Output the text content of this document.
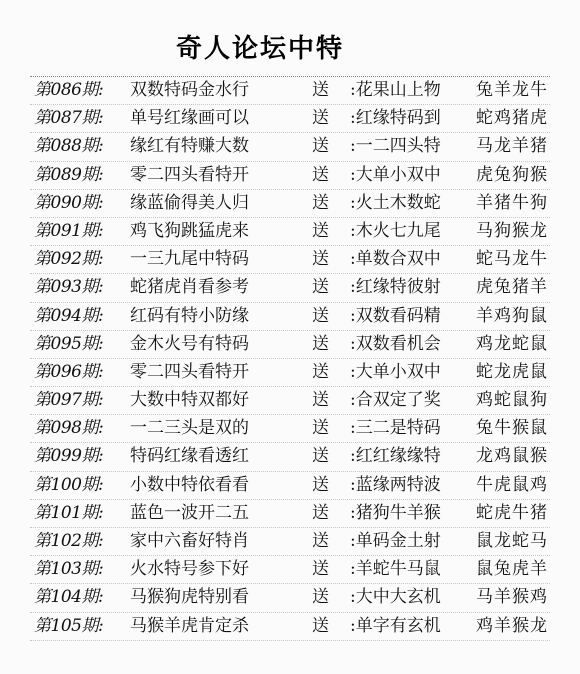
奇人论坛中特
第086期:	双数特码金水行	送	:花果山上物	兔羊龙牛
第087期:	单号红缘画可以	送	:红缘特码到	蛇鸡猪虎
第088期:	缘红有特赚大数	送	:一二四头特	马龙羊猪
第089期:	零二四头看特开	送	:大单小双中	虎兔狗猴
第090期:	缘蓝偷得美人归	送	:火土木数蛇	羊猪牛狗
第091期:	鸡飞狗跳猛虎来	送	:木火七九尾	马狗猴龙
第092期:	一三九尾中特码	送	:单数合双中	蛇马龙牛
第093期:	蛇猪虎肖看参考	送	:红缘特彼射	虎兔猪羊
第094期:	红码有特小防缘	送	:双数看码精	羊鸡狗鼠
第095期:	金木火号有特码	送	:双数看机会	鸡龙蛇鼠
第096期:	零二四头看特开	送	:大单小双中	蛇龙虎鼠
第097期:	大数中特双都好	送	:合双定了奖	鸡蛇鼠狗
第098期:	一二三头是双的	送	:三二是特码	兔牛猴鼠
第099期:	特码红缘看透红	送	:红红缘缘特	龙鸡鼠猴
第100期:	小数中特依看看	送	:蓝缘两特波	牛虎鼠鸡
第101期:	蓝色一波开二五	送	:猪狗牛羊猴	蛇虎牛猪
第102期:	家中六畜好特肖	送	:单码金土射	鼠龙蛇马
第103期:	火水特号参下好	送	:羊蛇牛马鼠	鼠兔虎羊
第104期:	马猴狗虎特别看	送	:大中大玄机	马羊猴鸡
第105期:	马猴羊虎肯定杀	送	:单字有玄机	鸡羊猴龙
